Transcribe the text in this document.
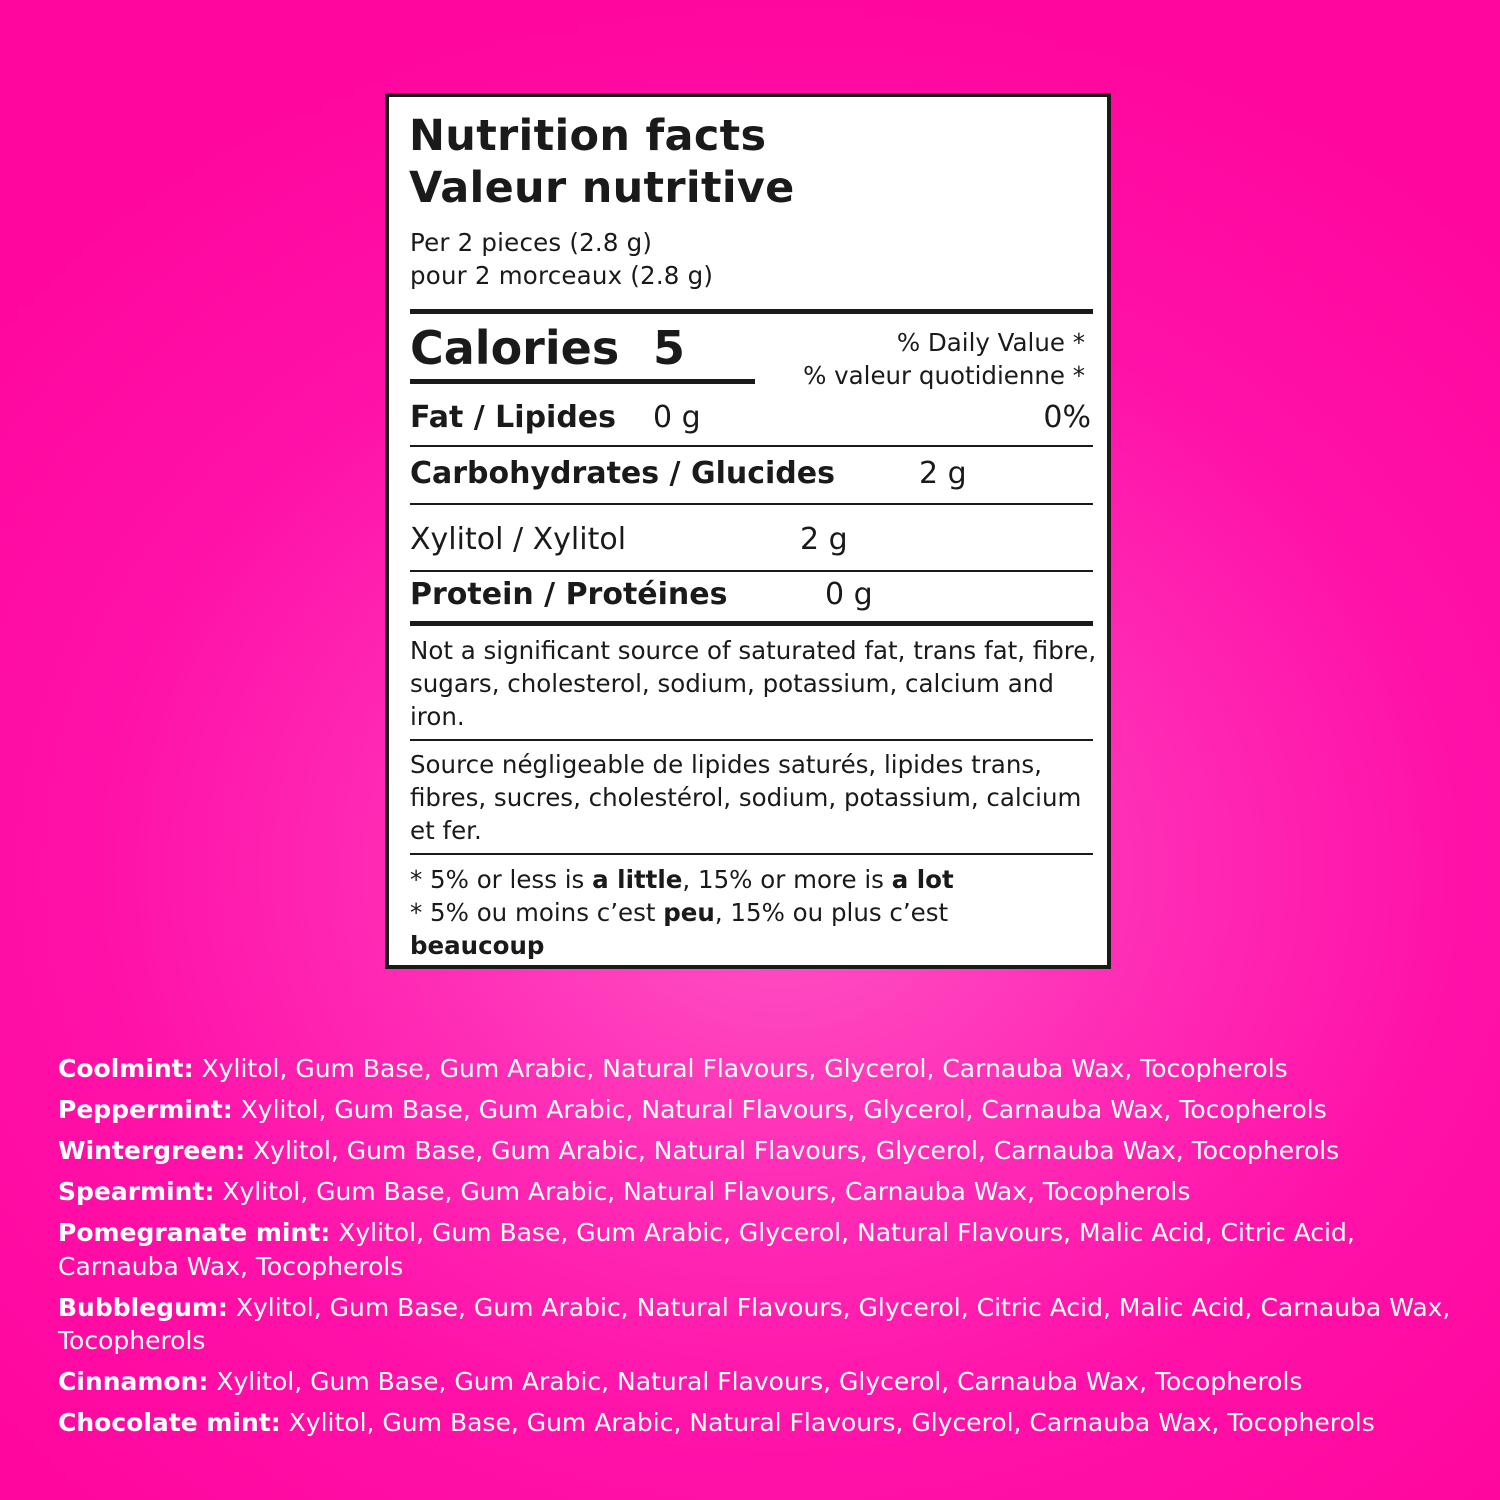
Nutrition facts
Valeur nutritive
Per 2 pieces (2.8 g)
pour 2 morceaux (2.8 g)
Calories 5	% Daily Value *
% valeur quotidienne *
Fat / Lipides 0 g	0%
Carbohydrates / Glucides	2 g
Xylitol / Xylitol	2 g
Protein / Protéines	0 g
Not a significant source of saturated fat, trans fat, fibre, sugars, cholesterol, sodium, potassium, calcium and iron.
Source négligeable de lipides saturés, lipides trans, fibres, sucres, cholestérol, sodium, potassium, calcium et fer.
* 5% or less is a little, 15% or more is a lot
* 5% ou moins c’est peu, 15% ou plus c’est
beaucoup
Coolmint: Xylitol, Gum Base, Gum Arabic, Natural Flavours, Glycerol, Carnauba Wax, Tocopherols
Peppermint: Xylitol, Gum Base, Gum Arabic, Natural Flavours, Glycerol, Carnauba Wax, Tocopherols
Wintergreen: Xylitol, Gum Base, Gum Arabic, Natural Flavours, Glycerol, Carnauba Wax, Tocopherols
Spearmint: Xylitol, Gum Base, Gum Arabic, Natural Flavours, Carnauba Wax, Tocopherols
Pomegranate mint: Xylitol, Gum Base, Gum Arabic, Glycerol, Natural Flavours, Malic Acid, Citric Acid, Carnauba Wax, Tocopherols
Bubblegum: Xylitol, Gum Base, Gum Arabic, Natural Flavours, Glycerol, Citric Acid, Malic Acid, Carnauba Wax, Tocopherols
Cinnamon: Xylitol, Gum Base, Gum Arabic, Natural Flavours, Glycerol, Carnauba Wax, Tocopherols
Chocolate mint: Xylitol, Gum Base, Gum Arabic, Natural Flavours, Glycerol, Carnauba Wax, Tocopherols
